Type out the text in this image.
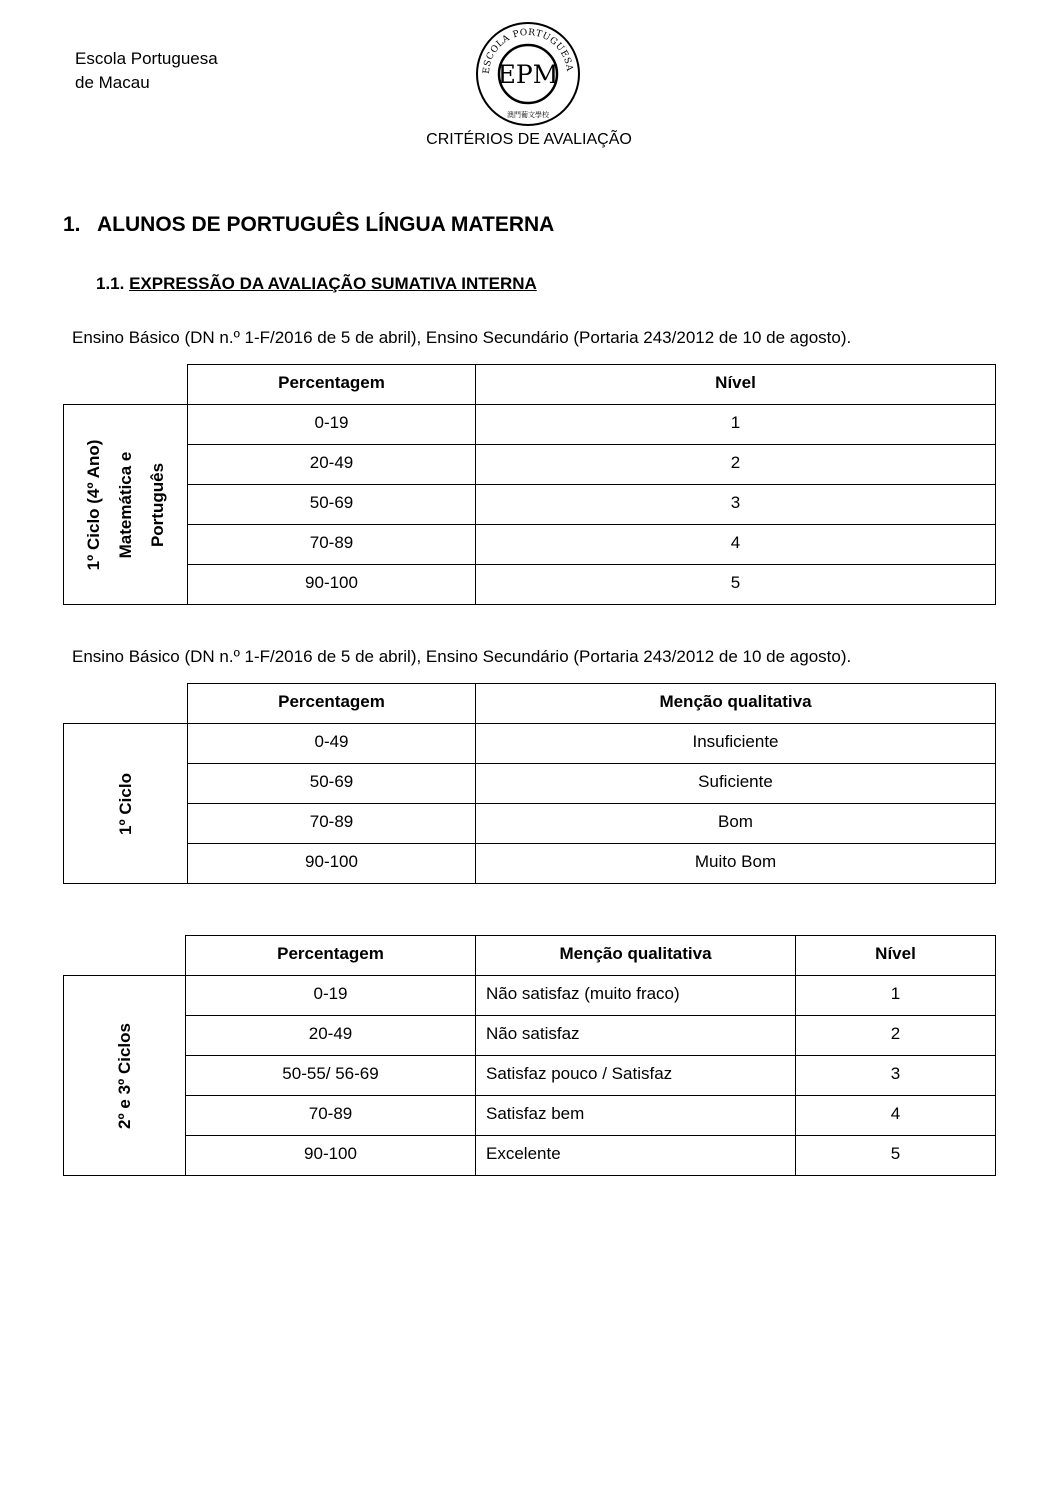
Escola Portuguesa
de Macau
ESCOLA PORTUGUESA
EPM
澳門葡文學校
CRITÉRIOS DE AVALIAÇÃO
1. ALUNOS DE PORTUGUÊS LÍNGUA MATERNA
1.1. EXPRESSÃO DA AVALIAÇÃO SUMATIVA INTERNA
Ensino Básico (DN n.º 1-F/2016 de 5 de abril), Ensino Secundário (Portaria 243/2012 de 10 de agosto).

	Percentagem	Nível

1º Ciclo (4º Ano) Matemática e Português	0-19	1

	20-49	2

	50-69	3

	70-89	4

	90-100	5
Ensino Básico (DN n.º 1-F/2016 de 5 de abril), Ensino Secundário (Portaria 243/2012 de 10 de agosto).

	Percentagem	Menção qualitativa

1º Ciclo	0-49	Insuficiente

	50-69	Suficiente

	70-89	Bom

	90-100	Muito Bom

	Percentagem	Menção qualitativa	Nível

2º e 3º Ciclos	0-19	Não satisfaz (muito fraco)	1

	20-49	Não satisfaz	2

	50-55/ 56-69	Satisfaz pouco / Satisfaz	3

	70-89	Satisfaz bem	4

	90-100	Excelente	5
